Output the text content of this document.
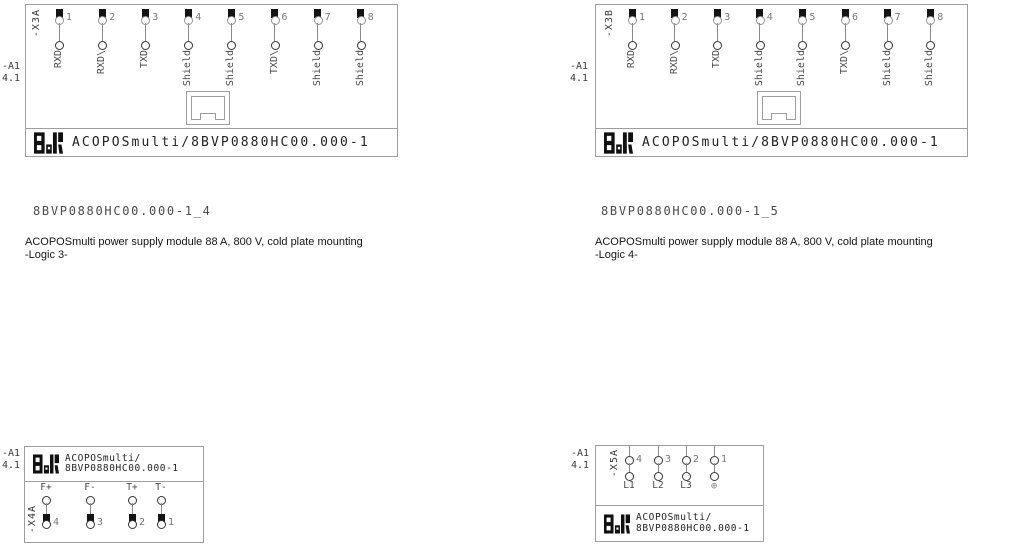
-A1
4.1
-X3A 1
RXD
2
RXD\
3
TXD
4
Shield
5
Shield
6
TXD\
7
Shield
8
Shield
ACOPOSmulti/8BVP0880HC00.000-1
-A1
4.1
-X3B 1
RXD
2
RXD\
3
TXD
4
Shield
5
Shield
6
TXD\
7
Shield
8
Shield
ACOPOSmulti/8BVP0880HC00.000-1
8BVP0880HC00.000-1_4
ACOPOSmulti power supply module 88 A, 800 V, cold plate mounting
-Logic 3-
8BVP0880HC00.000-1_5
ACOPOSmulti power supply module 88 A, 800 V, cold plate mounting
-Logic 4-
-A1
4.1
ACOPOSmulti/
8BVP0880HC00.000-1
-X4A
F+
4
F-
3
T+
2
T-
1
-A1
4.1 -X5A 4
L1
3
L2
2
L3
1
⊕
ACOPOSmulti/
8BVP0880HC00.000-1
